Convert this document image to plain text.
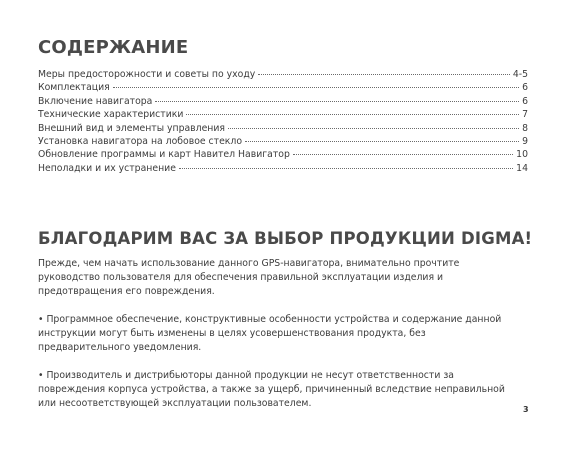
СОДЕРЖАНИЕ
Меры предосторожности и советы по уходу	4-5
Комплектация	6
Включение навигатора	6
Технические характеристики	7
Внешний вид и элементы управления	8
Установка навигатора на лобовое стекло	9
Обновление программы и карт Навител Навигатор	10
Неполадки и их устранение	14
БЛАГОДАРИМ ВАС ЗА ВЫБОР ПРОДУКЦИИ DIGMA!

Прежде, чем начать использование данного GPS-навигатора, внимательно прочтите руководство пользователя для обеспечения правильной эксплуатации изделия и предотвращения его повреждения.

• Программное обеспечение, конструктивные особенности устройства и содержание данной инструкции могут быть изменены в целях усовершенствования продукта, без предварительного уведомления.

• Производитель и дистрибьюторы данной продукции не несут ответственности за повреждения корпуса устройства, а также за ущерб, причиненный вследствие неправильной или несоответствующей эксплуатации пользователем.

3
